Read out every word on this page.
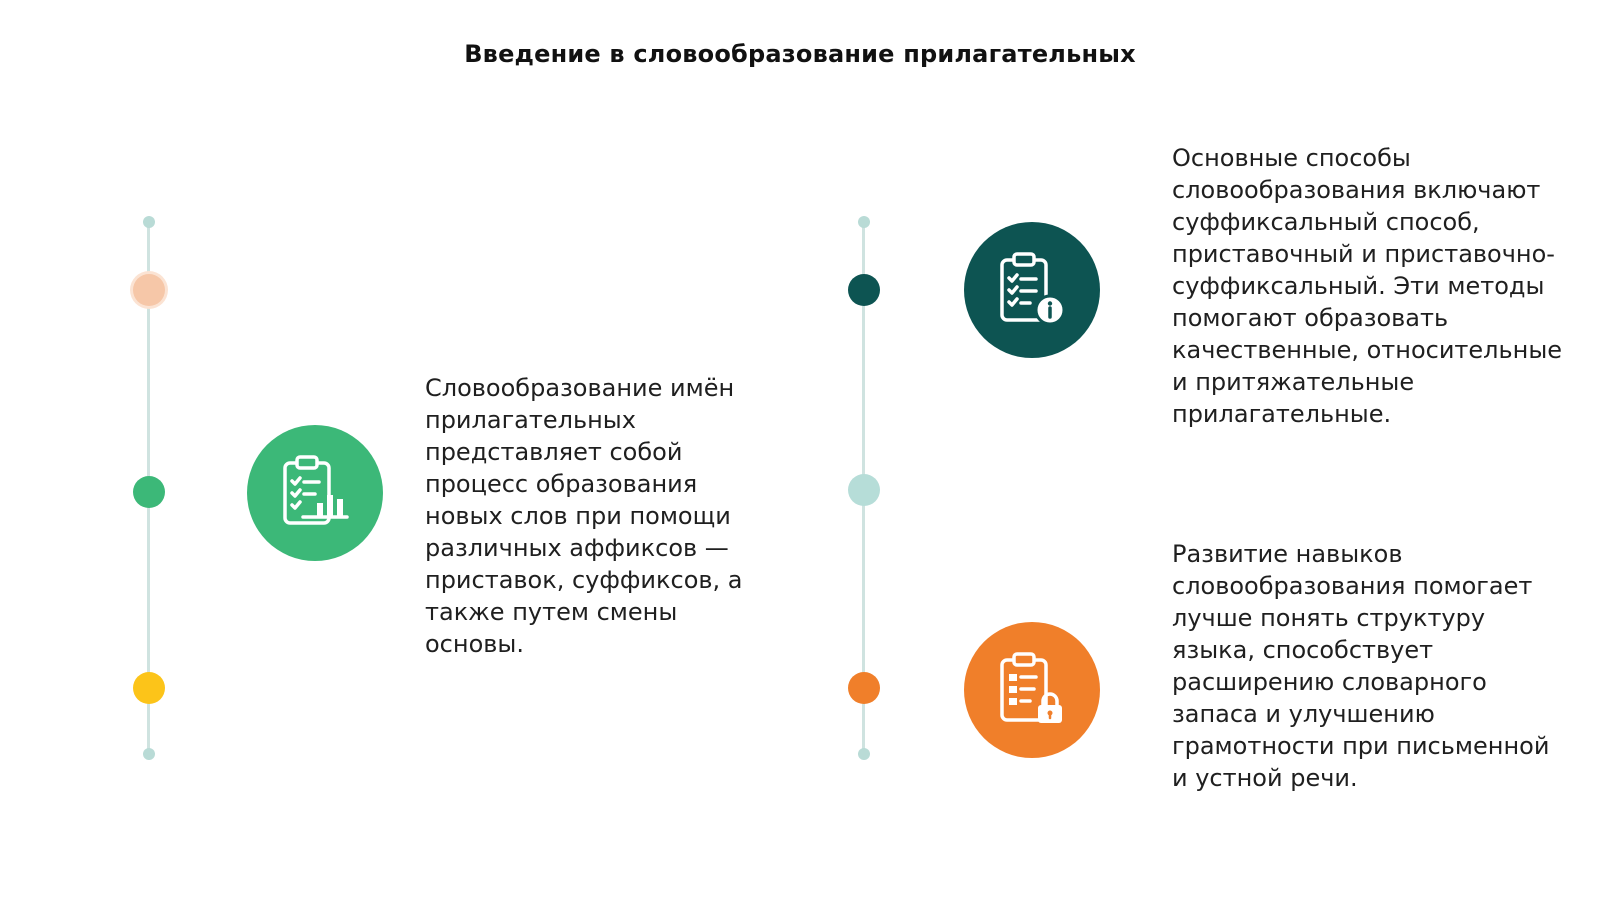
Введение в словообразование прилагательных
Словообразование имён прилагательных представляет собой процесс образования новых слов при помощи различных аффиксов — приставок, суффиксов, а также путем смены основы.
Основные способы словообразования включают суффиксальный способ, приставочный и приставочно-суффиксальный. Эти методы помогают образовать качественные, относительные и притяжательные прилагательные.
Развитие навыков словообразования помогает лучше понять структуру языка, способствует расширению словарного запаса и улучшению грамотности при письменной и устной речи.
